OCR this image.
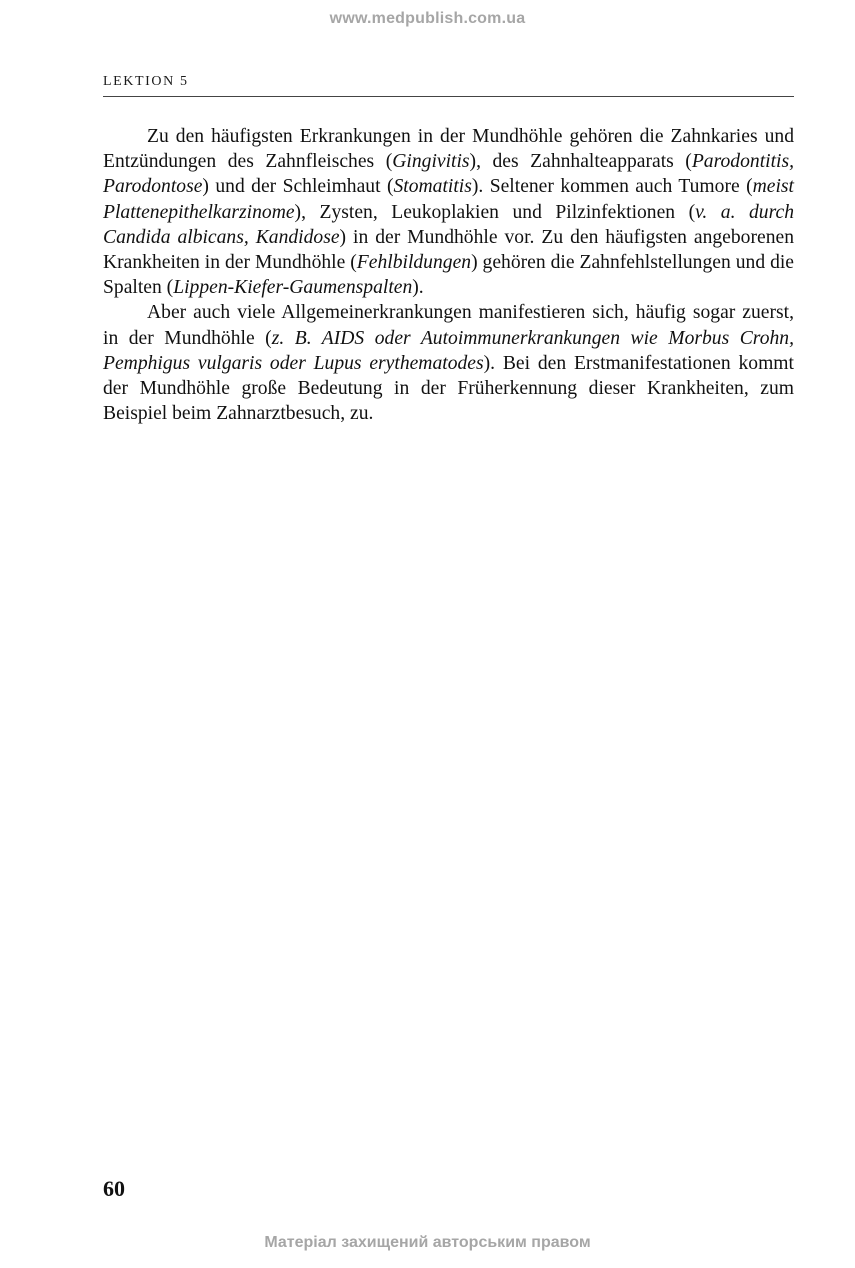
www.medpublish.com.ua
LEKTION 5

Zu den häufigsten Erkrankungen in der Mundhöhle gehören die Zahnkaries und Entzündungen des Zahnfleisches (Gingivitis), des Zahnhalteapparats (Parodontitis, Parodontose) und der Schleimhaut (Stomatitis). Seltener kommen auch Tumore (meist Plattenepithelkarzinome), Zysten, Leukoplakien und Pilzinfektionen (v. a. durch Candida albicans, Kandidose) in der Mundhöhle vor. Zu den häufigsten angeborenen Krankheiten in der Mundhöhle (Fehlbildungen) gehören die Zahnfehlstellungen und die Spalten (Lippen-Kiefer-Gaumenspalten).

Aber auch viele Allgemeinerkrankungen manifestieren sich, häufig sogar zuerst, in der Mundhöhle (z. B. AIDS oder Autoimmunerkrankungen wie Morbus Crohn, Pemphigus vulgaris oder Lupus erythematodes). Bei den Erstmanifestationen kommt der Mundhöhle große Bedeutung in der Früherkennung dieser Krankheiten, zum Beispiel beim Zahnarztbesuch, zu.

60
Матеріал захищений авторським правом
